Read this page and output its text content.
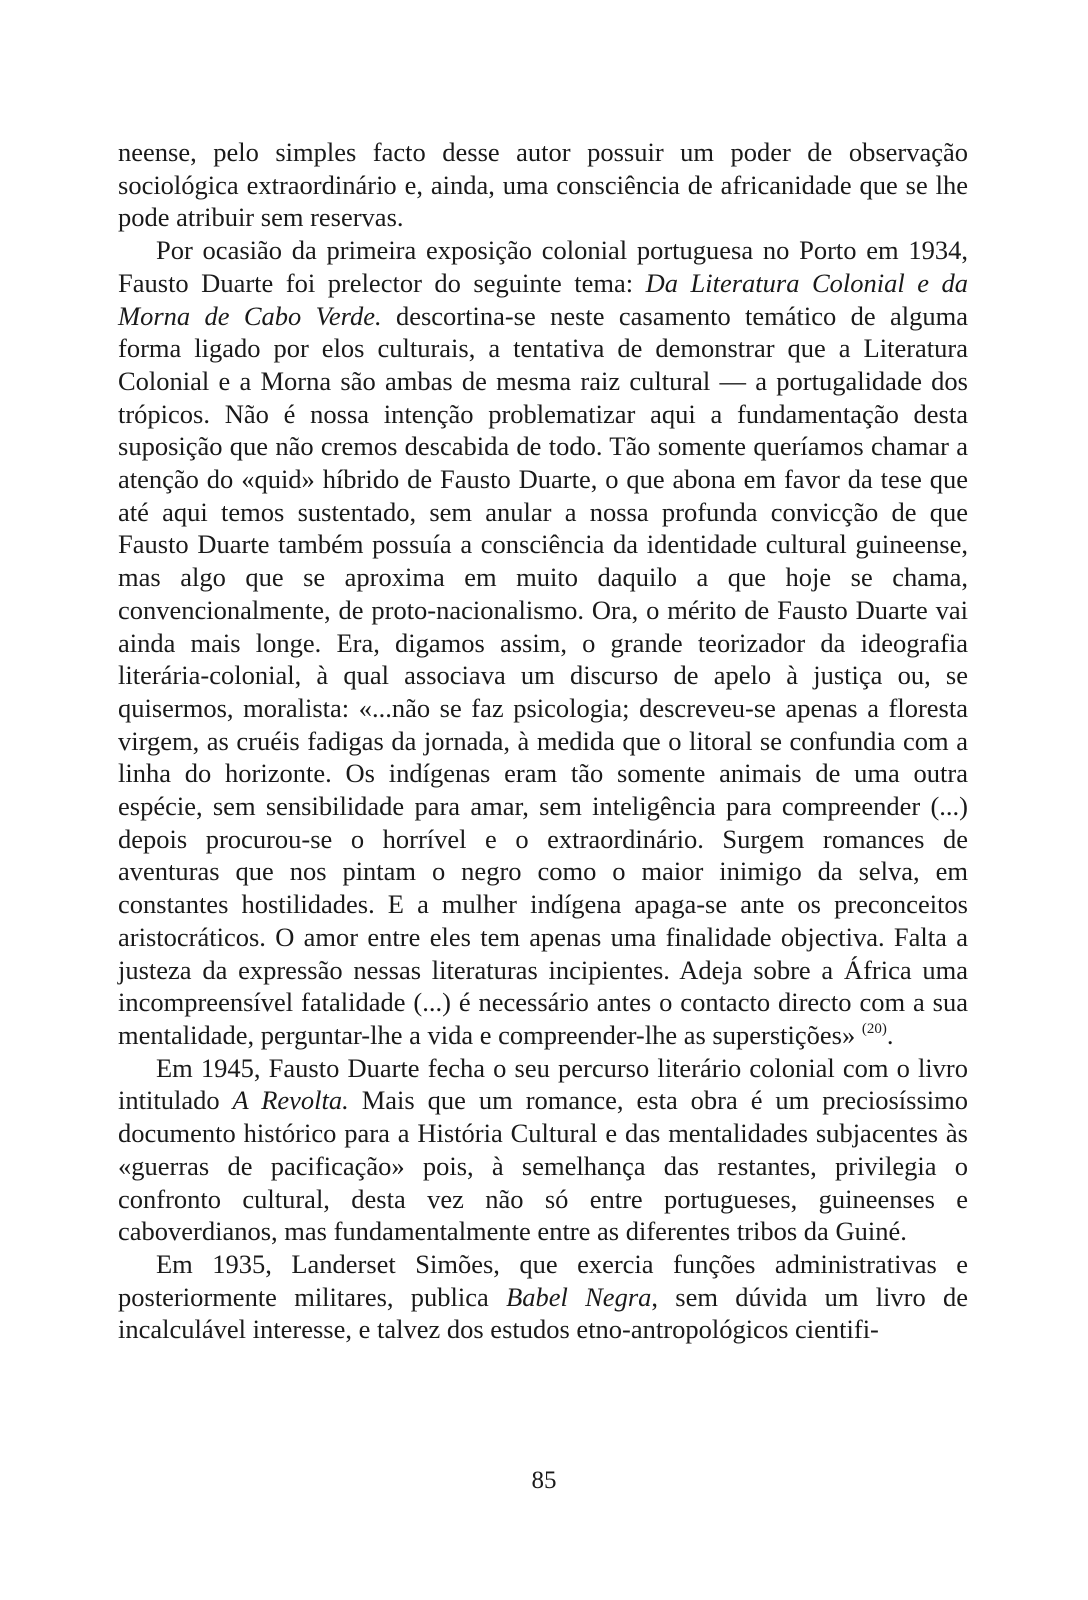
neense, pelo simples facto desse autor possuir um poder de observação sociológica extraordinário e, ainda, uma consciência de africanidade que se lhe pode atribuir sem reservas.

Por ocasião da primeira exposição colonial portuguesa no Porto em 1934, Fausto Duarte foi prelector do seguinte tema: Da Literatura Colonial e da Morna de Cabo Verde. descortina-se neste casamento temático de alguma forma ligado por elos culturais, a tentativa de demonstrar que a Literatura Colonial e a Morna são ambas de mesma raiz cultural — a portugalidade dos trópicos. Não é nossa intenção problematizar aqui a fundamentação desta suposição que não cremos descabida de todo. Tão somente queríamos chamar a atenção do «quid» híbrido de Fausto Duarte, o que abona em favor da tese que até aqui temos sustentado, sem anular a nossa profunda convicção de que Fausto Duarte também possuía a consciência da identidade cultural guineense, mas algo que se aproxima em muito daquilo a que hoje se chama, convencionalmente, de proto-nacionalismo. Ora, o mérito de Fausto Duarte vai ainda mais longe. Era, digamos assim, o grande teorizador da ideografia literária-colonial, à qual associava um discurso de apelo à justiça ou, se quisermos, moralista: «...não se faz psicologia; descreveu-se apenas a floresta virgem, as cruéis fadigas da jornada, à medida que o litoral se confundia com a linha do horizonte. Os indígenas eram tão somente animais de uma outra espécie, sem sensibilidade para amar, sem inteligência para compreender (...) depois procurou-se o horrível e o extraordinário. Surgem romances de aventuras que nos pintam o negro como o maior inimigo da selva, em constantes hostilidades. E a mulher indígena apaga-se ante os preconceitos aristocráticos. O amor entre eles tem apenas uma finalidade objectiva. Falta a justeza da expressão nessas literaturas incipientes. Adeja sobre a África uma incompreensível fatalidade (...) é necessário antes o contacto directo com a sua mentalidade, perguntar-lhe a vida e compreender-lhe as superstições» $^{(20)}$.

Em 1945, Fausto Duarte fecha o seu percurso literário colonial com o livro intitulado A Revolta. Mais que um romance, esta obra é um preciosíssimo documento histórico para a História Cultural e das mentalidades subjacentes às «guerras de pacificação» pois, à semelhança das restantes, privilegia o confronto cultural, desta vez não só entre portugueses, guineenses e caboverdianos, mas fundamentalmente entre as diferentes tribos da Guiné.

Em 1935, Landerset Simões, que exercia funções administrativas e posteriormente militares, publica Babel Negra, sem dúvida um livro de incalculável interesse, e talvez dos estudos etno-antropológicos cientifi-

85
